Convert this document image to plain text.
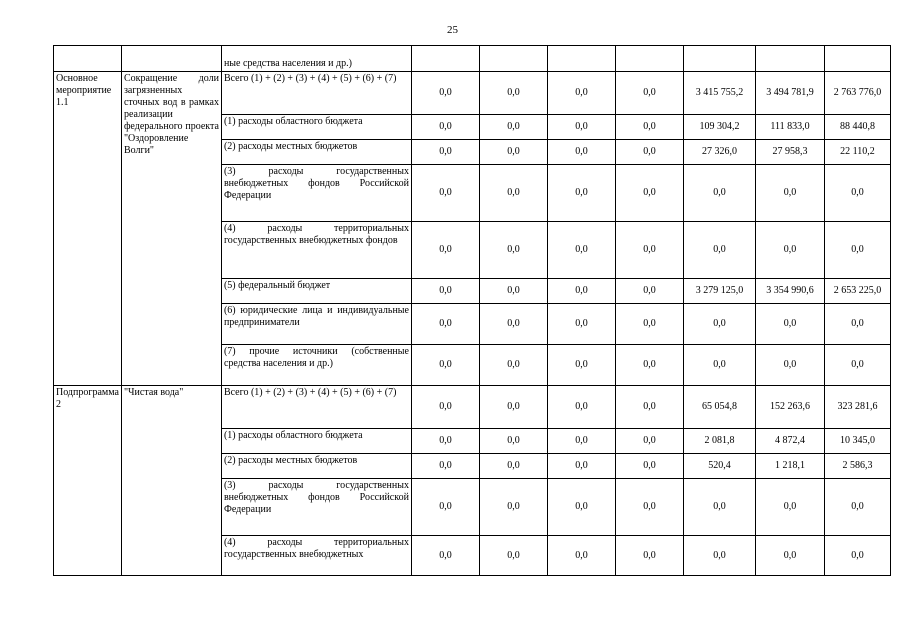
25
		ные средства населения и др.)							
Основное мероприятие 1.1	Сокращение доли загрязненных сточных вод в рамках реализации федерального проекта "Оздоровление Волги"	Всего (1) + (2) + (3) + (4) + (5) + (6) + (7)	0,0	0,0	0,0	0,0	3 415 755,2	3 494 781,9	2 763 776,0
		(1) расходы областного бюджета	0,0	0,0	0,0	0,0	109 304,2	111 833,0	88 440,8
		(2) расходы местных бюджетов	0,0	0,0	0,0	0,0	27 326,0	27 958,3	22 110,2
		(3) расходы государственных внебюджетных фондов Российской Федерации	0,0	0,0	0,0	0,0	0,0	0,0	0,0
		(4) расходы территориальных государственных внебюджетных фондов	0,0	0,0	0,0	0,0	0,0	0,0	0,0
		(5) федеральный бюджет	0,0	0,0	0,0	0,0	3 279 125,0	3 354 990,6	2 653 225,0
		(6) юридические лица и индивидуальные предприниматели	0,0	0,0	0,0	0,0	0,0	0,0	0,0
		(7) прочие источники (собственные средства населения и др.)	0,0	0,0	0,0	0,0	0,0	0,0	0,0
Подпрограмма 2	"Чистая вода"	Всего (1) + (2) + (3) + (4) + (5) + (6) + (7)	0,0	0,0	0,0	0,0	65 054,8	152 263,6	323 281,6
		(1) расходы областного бюджета	0,0	0,0	0,0	0,0	2 081,8	4 872,4	10 345,0
		(2) расходы местных бюджетов	0,0	0,0	0,0	0,0	520,4	1 218,1	2 586,3
		(3) расходы государственных внебюджетных фондов Российской Федерации	0,0	0,0	0,0	0,0	0,0	0,0	0,0
		(4) расходы территориальных государственных внебюджетных	0,0	0,0	0,0	0,0	0,0	0,0	0,0
